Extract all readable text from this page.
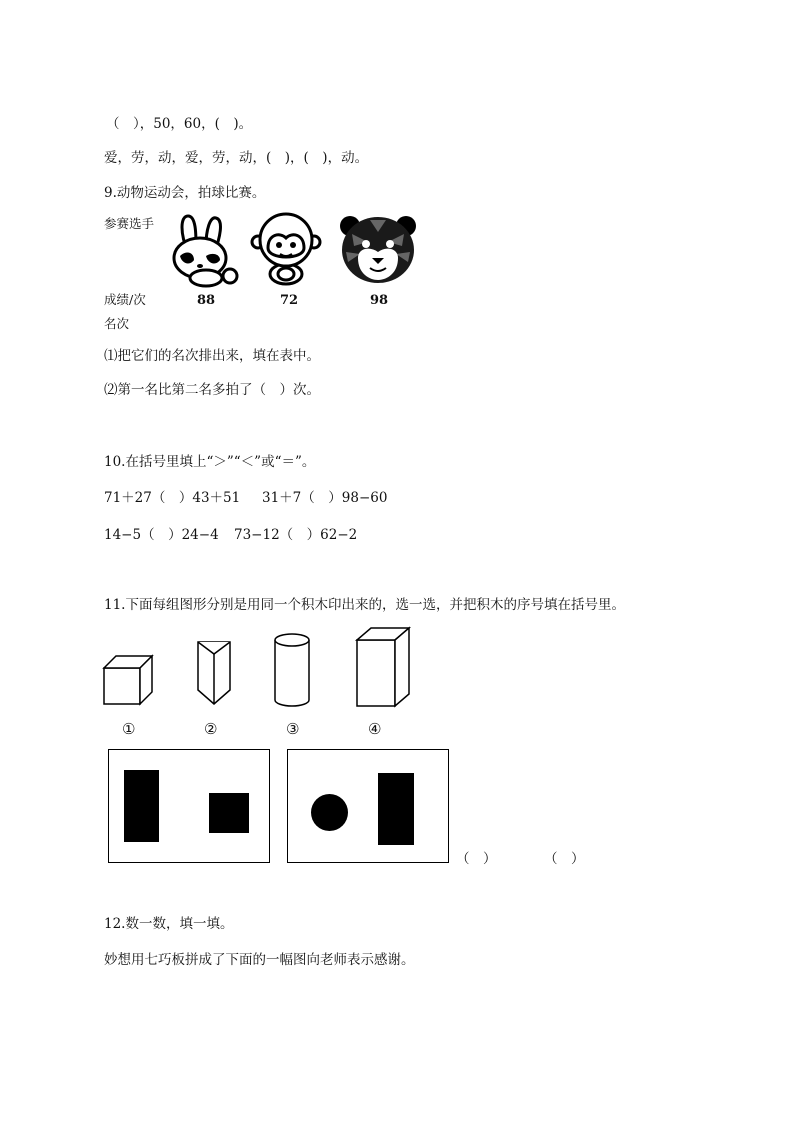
（　），50，60，(　)。
爱，劳，动，爱，劳，动，(　)，(　)，动。
9.动物运动会，拍球比赛。
参赛选手
成绩/次	88	72	98
名次
⑴把它们的名次排出来，填在表中。
⑵第一名比第二名多拍了（　）次。
10.在括号里填上“＞”“＜”或“＝”。
71＋27（　）43＋51 31＋7（　）98−60
14−5（　）24−4 73−12（　）62−2
11.下面每组图形分别是用同一个积木印出来的，选一选，并把积木的序号填在括号里。
①	②	③	④
（　）	（　）
12.数一数，填一填。
妙想用七巧板拼成了下面的一幅图向老师表示感谢。
